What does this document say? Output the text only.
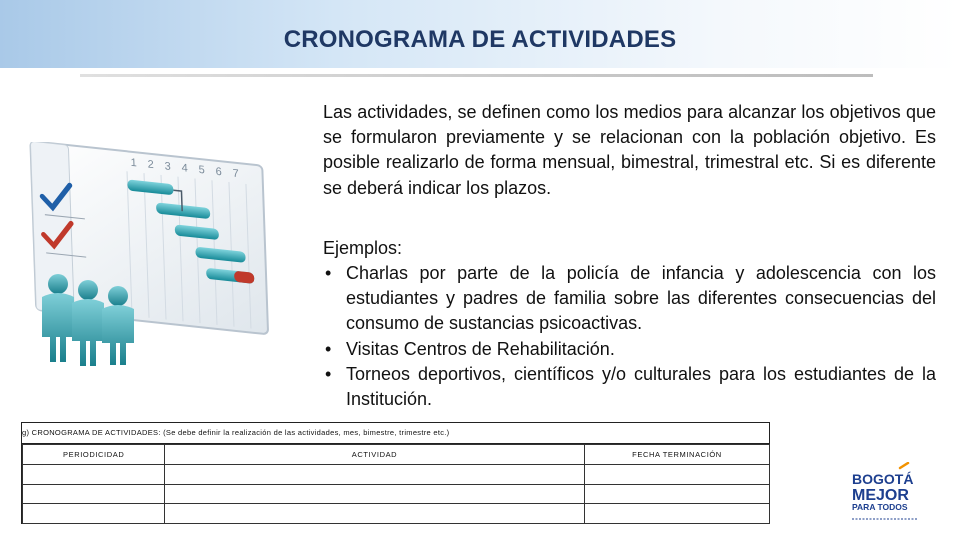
CRONOGRAMA DE ACTIVIDADES
1 2 3 4 5 6 7

Las actividades, se definen como los medios para alcanzar los objetivos que se formularon previamente y se relacionan con la población objetivo. Es posible realizarlo de forma mensual, bimestral, trimestral etc. Si es diferente se deberá indicar los plazos.

Ejemplos:
• Charlas por parte de la policía de infancia y adolescencia con los estudiantes y padres de familia sobre las diferentes consecuencias del consumo de sustancias psicoactivas.
• Visitas Centros de Rehabilitación.
• Torneos deportivos, científicos y/o culturales para los estudiantes de la Institución.
g) CRONOGRAMA DE ACTIVIDADES: (Se debe definir la realización de las actividades, mes, bimestre, trimestre etc.)
PERIODICIDAD	ACTIVIDAD	FECHA TERMINACIÓN

BOGOTÁ
MEJOR
PARA TODOS
